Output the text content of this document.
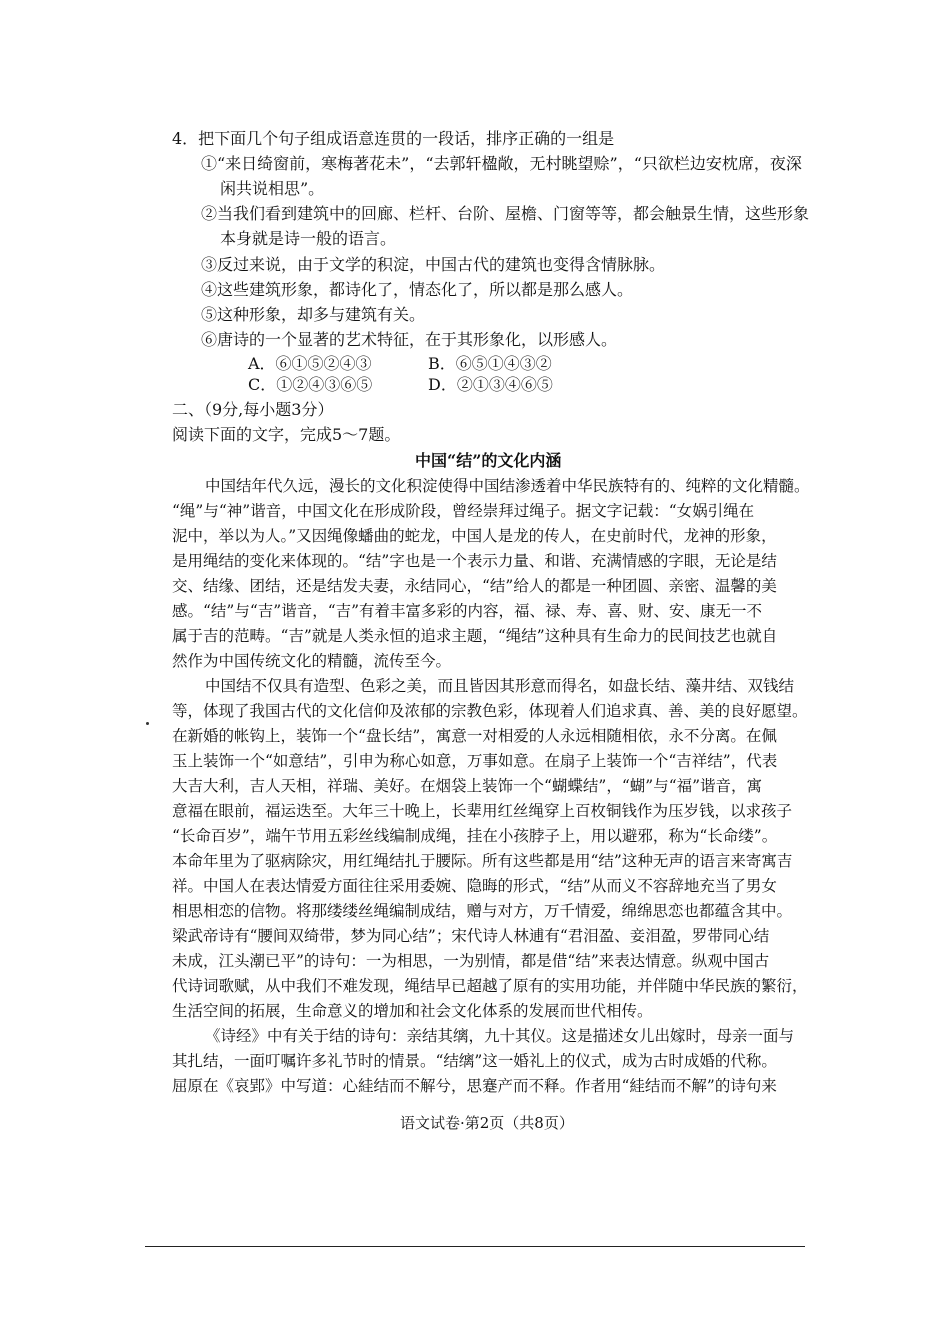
4．把下面几个句子组成语意连贯的一段话，排序正确的一组是
①“来日绮窗前，寒梅著花未”，“去郭轩楹敞，无村眺望赊”，“只欲栏边安枕席，夜深
闲共说相思”。
②当我们看到建筑中的回廊、栏杆、台阶、屋檐、门窗等等，都会触景生情，这些形象
本身就是诗一般的语言。
③反过来说，由于文学的积淀，中国古代的建筑也变得含情脉脉。
④这些建筑形象，都诗化了，情态化了，所以都是那么感人。
⑤这种形象，却多与建筑有关。
⑥唐诗的一个显著的艺术特征，在于其形象化，以形感人。
A．⑥①⑤②④③	B．⑥⑤①④③②
C．①②④③⑥⑤	D．②①③④⑥⑤
二、（9分,每小题3分）
阅读下面的文字，完成5～7题。
中国“结”的文化内涵
中国结年代久远，漫长的文化积淀使得中国结渗透着中华民族特有的、纯粹的文化精髓。
“绳”与“神”谐音，中国文化在形成阶段，曾经崇拜过绳子。据文字记载：“女娲引绳在
泥中，举以为人。”又因绳像蟠曲的蛇龙，中国人是龙的传人，在史前时代，龙神的形象，
是用绳结的变化来体现的。“结”字也是一个表示力量、和谐、充满情感的字眼，无论是结
交、结缘、团结，还是结发夫妻，永结同心，“结”给人的都是一种团圆、亲密、温馨的美
感。“结”与“吉”谐音，“吉”有着丰富多彩的内容，福、禄、寿、喜、财、安、康无一不
属于吉的范畴。“吉”就是人类永恒的追求主题，“绳结”这种具有生命力的民间技艺也就自
然作为中国传统文化的精髓，流传至今。
中国结不仅具有造型、色彩之美，而且皆因其形意而得名，如盘长结、藻井结、双钱结
等，体现了我国古代的文化信仰及浓郁的宗教色彩，体现着人们追求真、善、美的良好愿望。
在新婚的帐钩上，装饰一个“盘长结”，寓意一对相爱的人永远相随相依，永不分离。在佩
玉上装饰一个“如意结”，引申为称心如意，万事如意。在扇子上装饰一个“吉祥结”，代表
大吉大利，吉人天相，祥瑞、美好。在烟袋上装饰一个“蝴蝶结”，“蝴”与“福”谐音，寓
意福在眼前，福运迭至。大年三十晚上，长辈用红丝绳穿上百枚铜钱作为压岁钱，以求孩子
“长命百岁”，端午节用五彩丝线编制成绳，挂在小孩脖子上，用以避邪，称为“长命缕”。
本命年里为了驱病除灾，用红绳结扎于腰际。所有这些都是用“结”这种无声的语言来寄寓吉
祥。中国人在表达情爱方面往往采用委婉、隐晦的形式，“结”从而义不容辞地充当了男女
相思相恋的信物。将那缕缕丝绳编制成结，赠与对方，万千情爱，绵绵思恋也都蕴含其中。
梁武帝诗有“腰间双绮带，梦为同心结”；宋代诗人林逋有“君泪盈、妾泪盈，罗带同心结
未成，江头潮已平”的诗句：一为相思，一为别情，都是借“结”来表达情意。纵观中国古
代诗词歌赋，从中我们不难发现，绳结早已超越了原有的实用功能，并伴随中华民族的繁衍，
生活空间的拓展，生命意义的增加和社会文化体系的发展而世代相传。
《诗经》中有关于结的诗句：亲结其缡，九十其仪。这是描述女儿出嫁时，母亲一面与
其扎结，一面叮嘱许多礼节时的情景。“结缡”这一婚礼上的仪式，成为古时成婚的代称。
屈原在《哀郢》中写道：心絓结而不解兮，思蹇产而不释。作者用“絓结而不解”的诗句来
语文试卷·第2页（共8页）
